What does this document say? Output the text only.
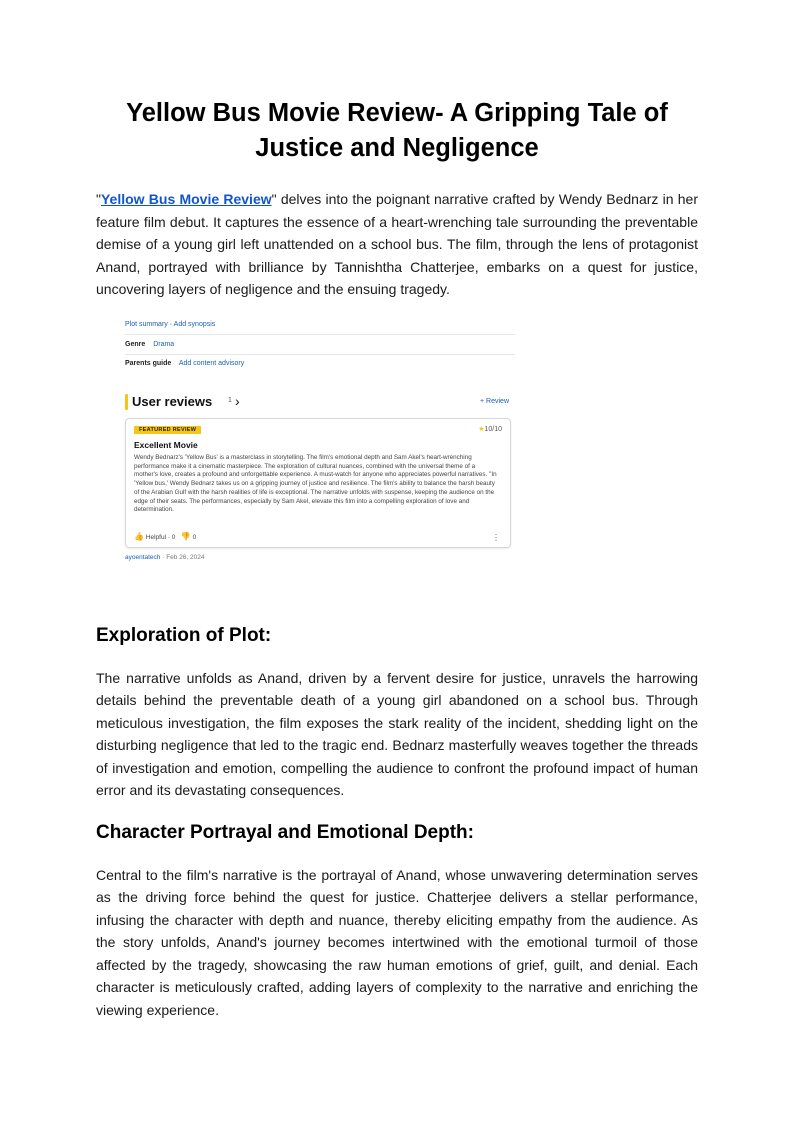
Yellow Bus Movie Review- A Gripping Tale of Justice and Negligence

"Yellow Bus Movie Review" delves into the poignant narrative crafted by Wendy Bednarz in her feature film debut. It captures the essence of a heart-wrenching tale surrounding the preventable demise of a young girl left unattended on a school bus. The film, through the lens of protagonist Anand, portrayed with brilliance by Tannishtha Chatterjee, embarks on a quest for justice, uncovering layers of negligence and the ensuing tragedy.

Plot summary · Add synopsis
Genre Drama
Parents guide Add content advisory
User reviews 1 ›	+ Review
FEATURED REVIEW	★10/10
Excellent Movie

Wendy Bednarz's 'Yellow Bus' is a masterclass in storytelling. The film's emotional depth and Sam Akel's heart-wrenching performance make it a cinematic masterpiece. The exploration of cultural nuances, combined with the universal theme of a mother's love, creates a profound and unforgettable experience. A must-watch for anyone who appreciates powerful narratives. "In 'Yellow bus,' Wendy Bednarz takes us on a gripping journey of justice and resilience. The film's ability to balance the harsh beauty of the Arabian Gulf with the harsh realities of life is exceptional. The narrative unfolds with suspense, keeping the audience on the edge of their seats. The performances, especially by Sam Akel, elevate this film into a compelling exploration of love and determination.

👍 Helpful · 0 👎 0	⋮
ayoentatech · Feb 26, 2024
Exploration of Plot:

The narrative unfolds as Anand, driven by a fervent desire for justice, unravels the harrowing details behind the preventable death of a young girl abandoned on a school bus. Through meticulous investigation, the film exposes the stark reality of the incident, shedding light on the disturbing negligence that led to the tragic end. Bednarz masterfully weaves together the threads of investigation and emotion, compelling the audience to confront the profound impact of human error and its devastating consequences.

Character Portrayal and Emotional Depth:

Central to the film's narrative is the portrayal of Anand, whose unwavering determination serves as the driving force behind the quest for justice. Chatterjee delivers a stellar performance, infusing the character with depth and nuance, thereby eliciting empathy from the audience. As the story unfolds, Anand's journey becomes intertwined with the emotional turmoil of those affected by the tragedy, showcasing the raw human emotions of grief, guilt, and denial. Each character is meticulously crafted, adding layers of complexity to the narrative and enriching the viewing experience.
